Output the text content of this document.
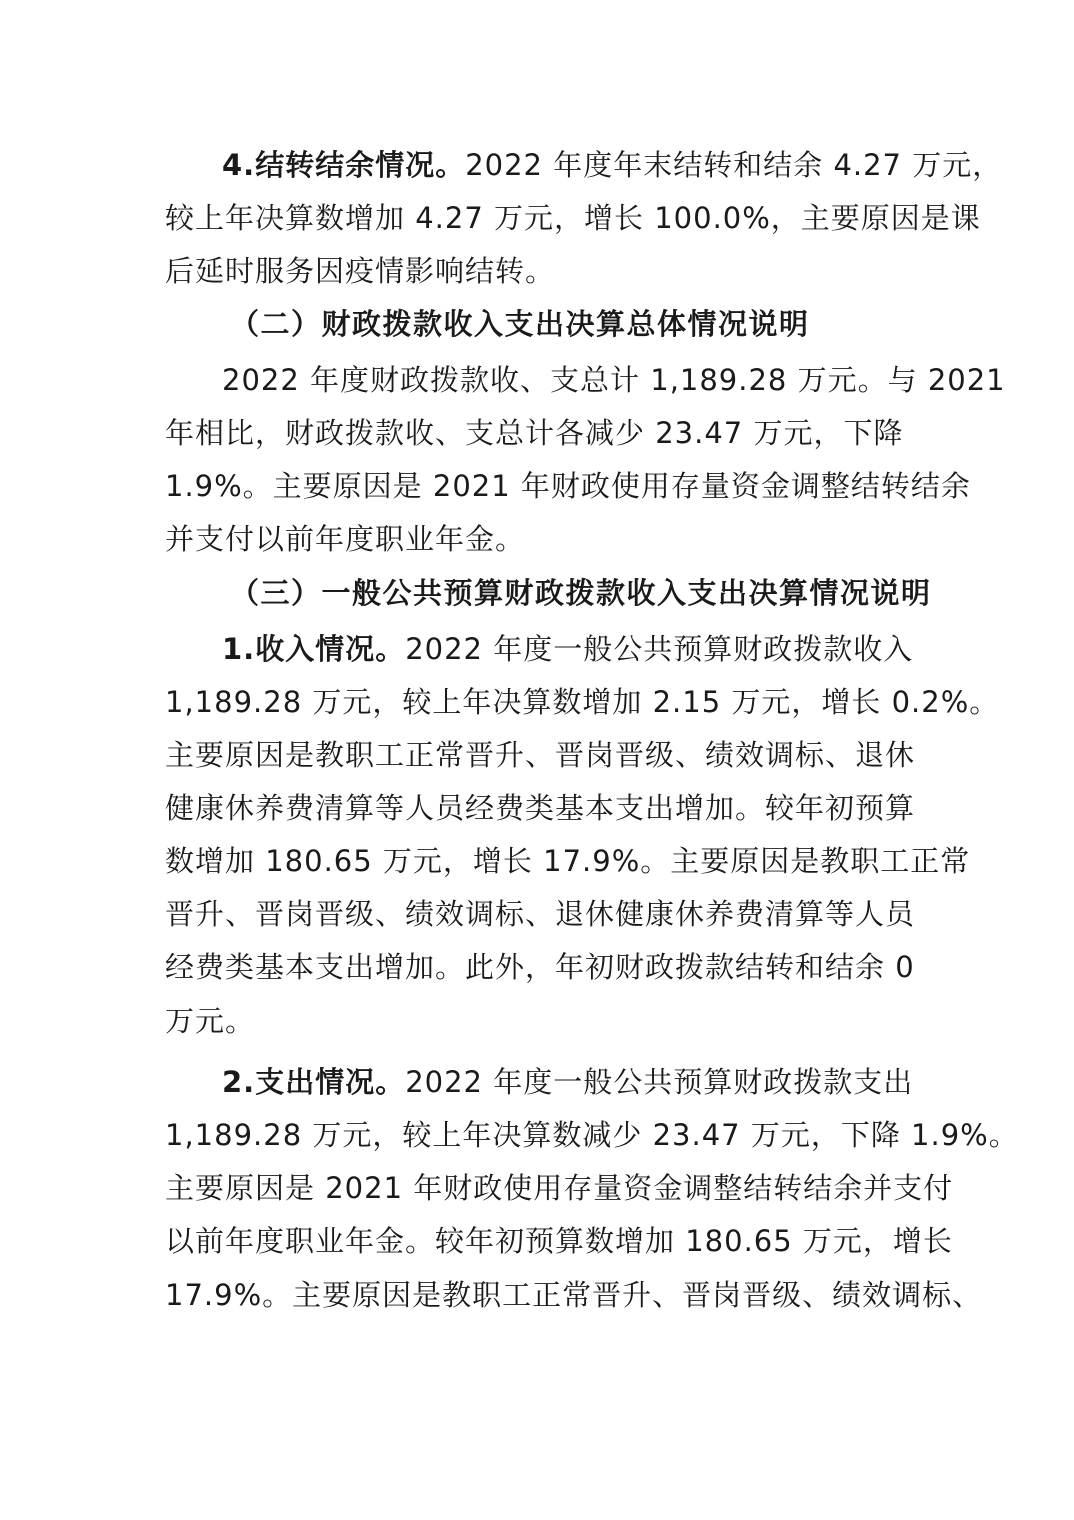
4.结转结余情况。2022 年度年末结转和结余 4.27 万元，
较上年决算数增加 4.27 万元，增长 100.0%，主要原因是课
后延时服务因疫情影响结转。
（二）财政拨款收入支出决算总体情况说明
2022 年度财政拨款收、支总计 1,189.28 万元。与 2021
年相比，财政拨款收、支总计各减少 23.47 万元，下降
1.9%。主要原因是 2021 年财政使用存量资金调整结转结余
并支付以前年度职业年金。
（三）一般公共预算财政拨款收入支出决算情况说明
1.收入情况。2022 年度一般公共预算财政拨款收入
1,189.28 万元，较上年决算数增加 2.15 万元，增长 0.2%。
主要原因是教职工正常晋升、晋岗晋级、绩效调标、退休
健康休养费清算等人员经费类基本支出增加。较年初预算
数增加 180.65 万元，增长 17.9%。主要原因是教职工正常
晋升、晋岗晋级、绩效调标、退休健康休养费清算等人员
经费类基本支出增加。此外，年初财政拨款结转和结余 0
万元。
2.支出情况。2022 年度一般公共预算财政拨款支出
1,189.28 万元，较上年决算数减少 23.47 万元，下降 1.9%。
主要原因是 2021 年财政使用存量资金调整结转结余并支付
以前年度职业年金。较年初预算数增加 180.65 万元，增长
17.9%。主要原因是教职工正常晋升、晋岗晋级、绩效调标、
